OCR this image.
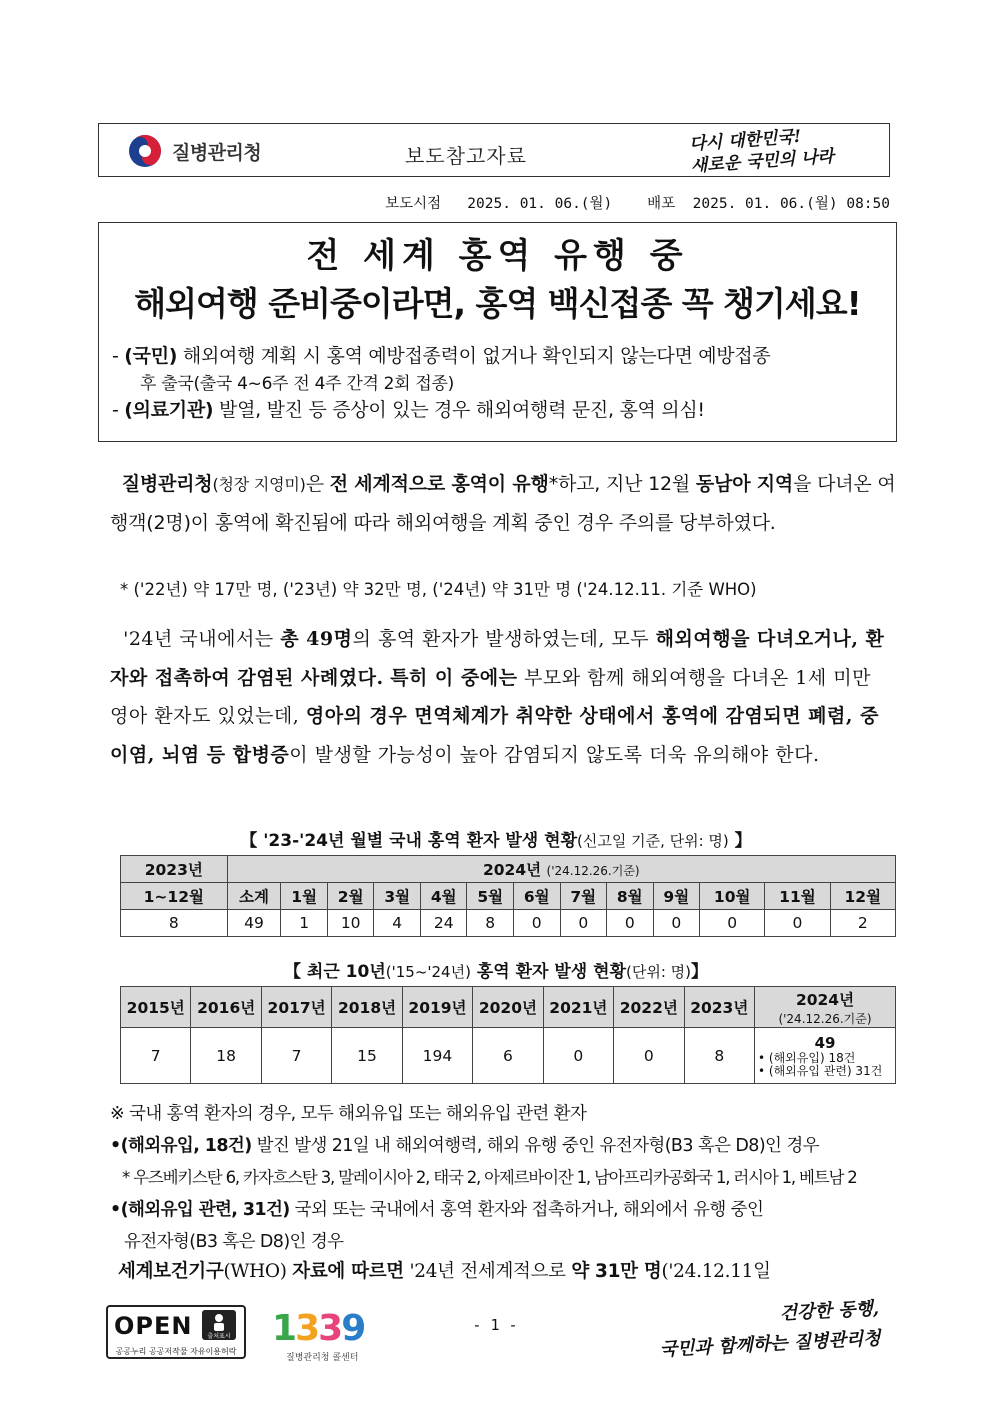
질병관리청	보도참고자료
다시 대한민국!
새로운 국민의 나라
보도시점   2025. 01. 06.(월)    배포  2025. 01. 06.(월) 08:50
전 세계 홍역 유행 중
해외여행 준비중이라면, 홍역 백신접종 꼭 챙기세요!
- (국민) 해외여행 계획 시 홍역 예방접종력이 없거나 확인되지 않는다면 예방접종
후 출국(출국 4~6주 전 4주 간격 2회 접종)
- (의료기관) 발열, 발진 등 증상이 있는 경우 해외여행력 문진, 홍역 의심!
질병관리청(청장 지영미)은 전 세계적으로 홍역이 유행*하고, 지난 12월 동남아 지역을 다녀온 여행객(2명)이 홍역에 확진됨에 따라 해외여행을 계획 중인 경우 주의를 당부하였다.
* ('22년) 약 17만 명, ('23년) 약 32만 명, ('24년) 약 31만 명 ('24.12.11. 기준 WHO)
'24년 국내에서는 총 49명의 홍역 환자가 발생하였는데, 모두 해외여행을 다녀오거나, 환자와 접촉하여 감염된 사례였다. 특히 이 중에는 부모와 함께 해외여행을 다녀온 1세 미만 영아 환자도 있었는데, 영아의 경우 면역체계가 취약한 상태에서 홍역에 감염되면 폐렴, 중이염, 뇌염 등 합병증이 발생할 가능성이 높아 감염되지 않도록 더욱 유의해야 한다.
【 '23-'24년 월별 국내 홍역 환자 발생 현황(신고일 기준, 단위: 명) 】
2023년	2024년 ('24.12.26.기준)												
1~12월	소계	1월	2월	3월	4월	5월	6월	7월	8월	9월	10월	11월	12월
8	49	1	10	4	24	8	0	0	0	0	0	0	2
【 최근 10년('15~'24년) 홍역 환자 발생 현황(단위: 명)】
2015년	2016년	2017년	2018년	2019년	2020년	2021년	2022년	2023년	2024년
('24.12.26.기준)

7	18	7	15	194	6	0	0	8	49
• (해외유입) 18건
• (해외유입 관련) 31건
※ 국내 홍역 환자의 경우, 모두 해외유입 또는 해외유입 관련 환자
•(해외유입, 18건) 발진 발생 21일 내 해외여행력, 해외 유행 중인 유전자형(B3 혹은 D8)인 경우
* 우즈베키스탄 6, 카자흐스탄 3, 말레이시아 2, 태국 2, 아제르바이잔 1, 남아프리카공화국 1, 러시아 1, 베트남 2
•(해외유입 관련, 31건) 국외 또는 국내에서 홍역 환자와 접촉하거나, 해외에서 유행 중인
유전자형(B3 혹은 D8)인 경우
세계보건기구(WHO) 자료에 따르면 '24년 전세계적으로 약 31만 명('24.12.11일
OPEN 출처표시
공공누리 공공저작물 자유이용허락
1339
질병관리청 콜센터
- 1 -
건강한 동행,
국민과 함께하는 질병관리청
